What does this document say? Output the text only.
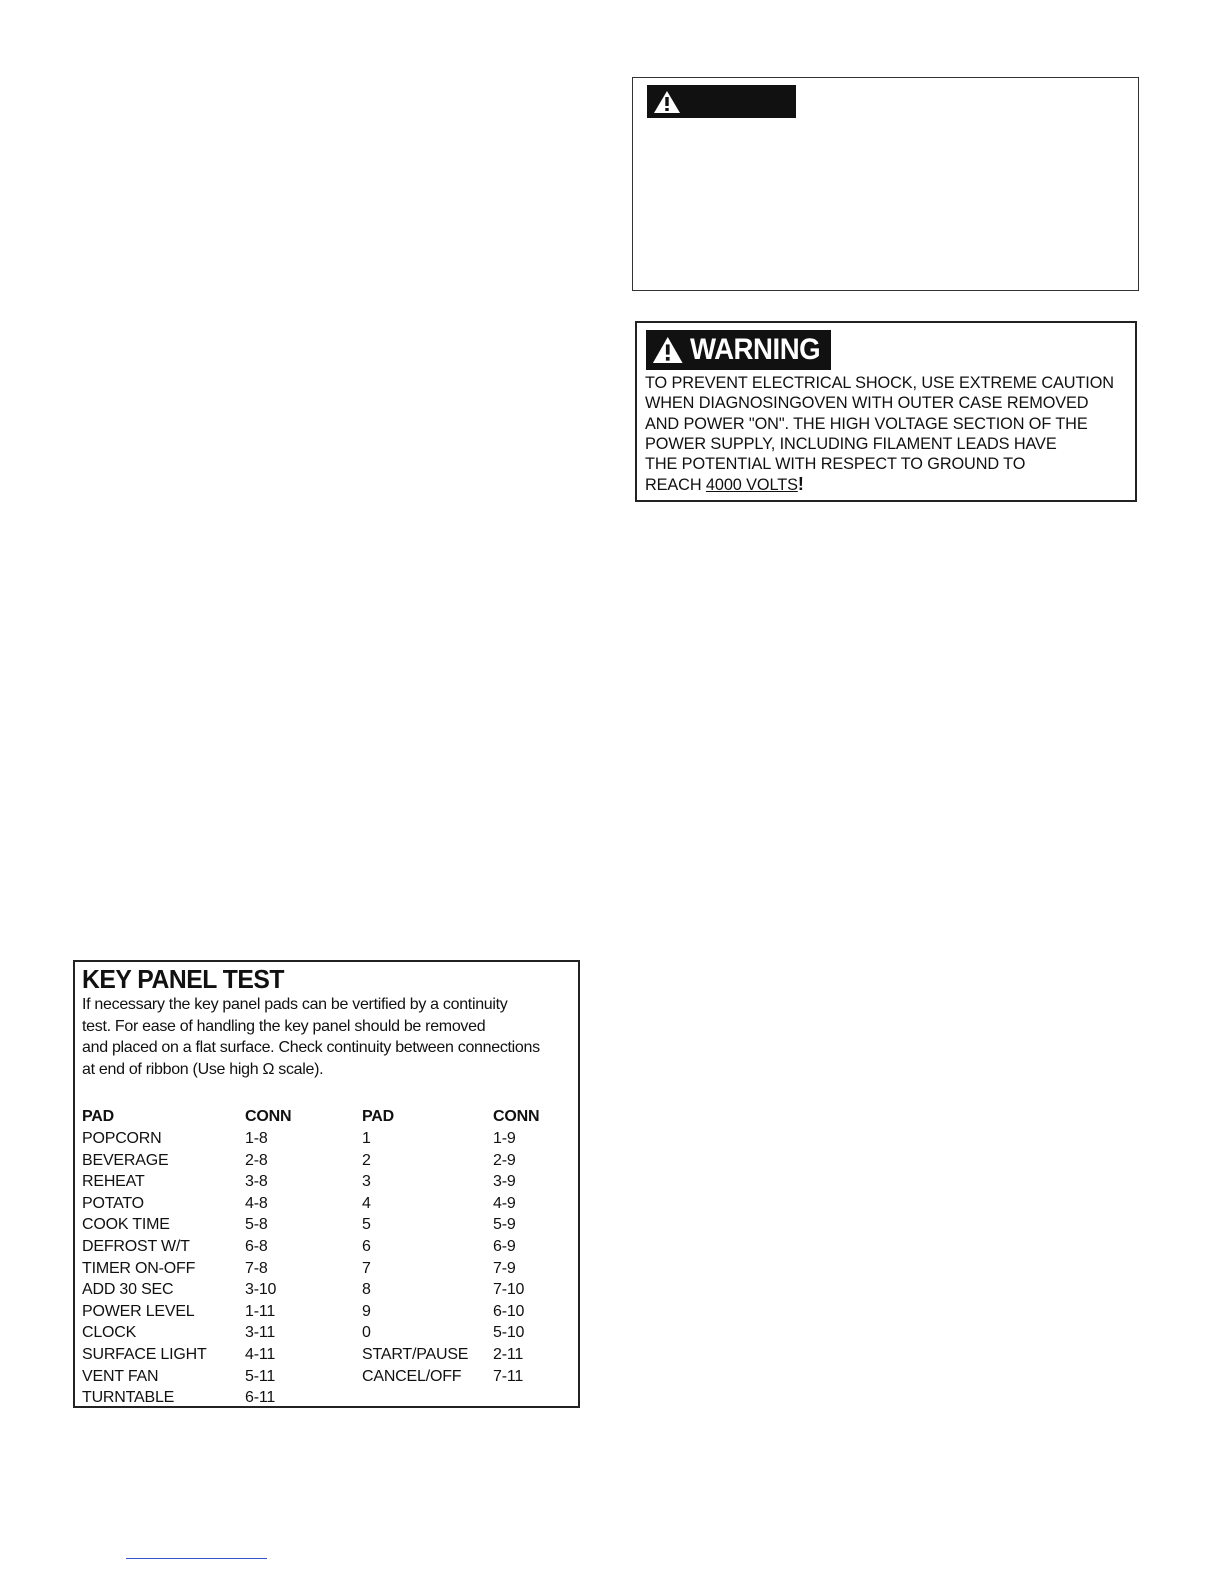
WARNING
TO PREVENT ELECTRICAL SHOCK, USE EXTREME CAUTION
WHEN DIAGNOSINGOVEN WITH OUTER CASE REMOVED
AND POWER "ON". THE HIGH VOLTAGE SECTION OF THE
POWER SUPPLY, INCLUDING FILAMENT LEADS HAVE
THE POTENTIAL WITH RESPECT TO GROUND TO
REACH 4000 VOLTS!
KEY PANEL TEST
If necessary the key panel pads can be vertified by a continuity
test. For ease of handling the key panel should be removed
and placed on a flat surface. Check continuity between connections
at end of ribbon (Use high Ω scale).
PAD	CONN	PAD	CONN
POPCORN	1-8	1	1-9
BEVERAGE	2-8	2	2-9
REHEAT	3-8	3	3-9
POTATO	4-8	4	4-9
COOK TIME	5-8	5	5-9
DEFROST W/T	6-8	6	6-9
TIMER ON-OFF	7-8	7	7-9
ADD 30 SEC	3-10	8	7-10
POWER LEVEL	1-11	9	6-10
CLOCK	3-11	0	5-10
SURFACE LIGHT	4-11	START/PAUSE	2-11
VENT FAN	5-11	CANCEL/OFF	7-11
TURNTABLE	6-11		
